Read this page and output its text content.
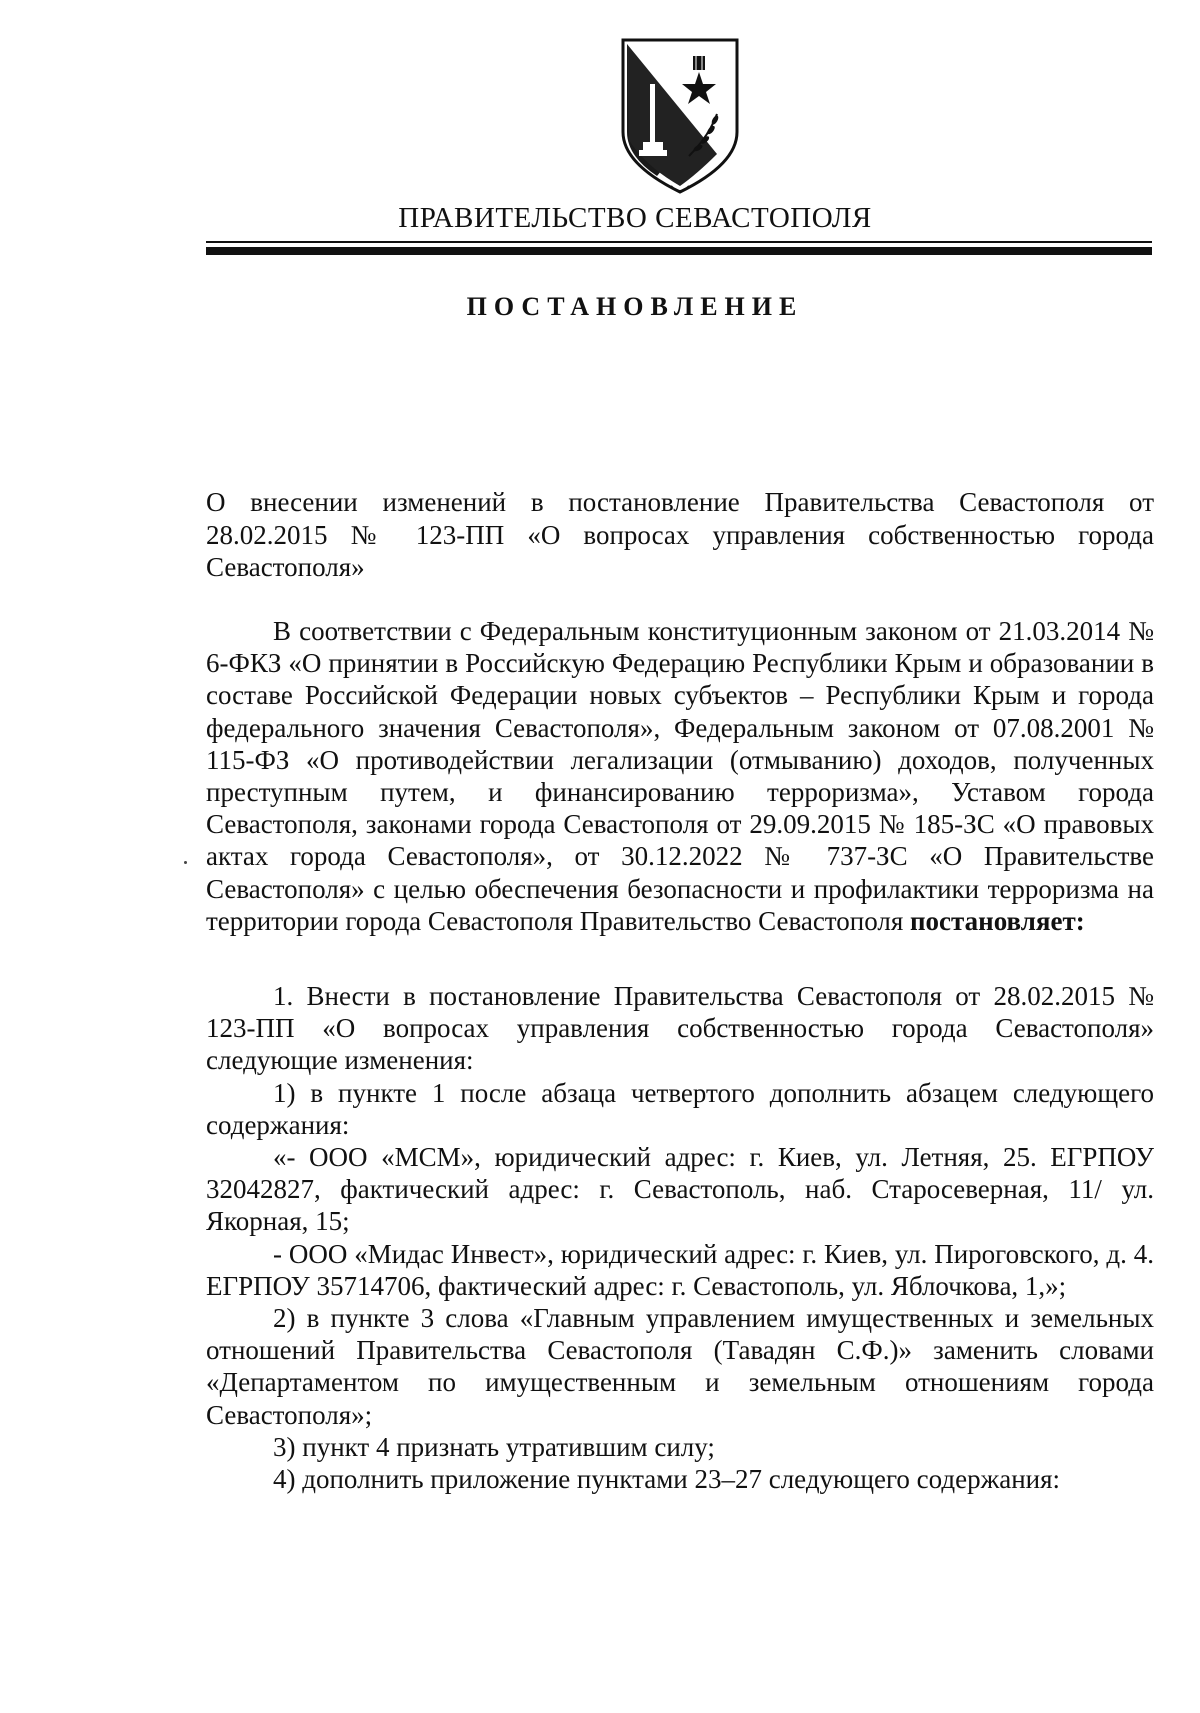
ПРАВИТЕЛЬСТВО СЕВАСТОПОЛЯ
ПОСТАНОВЛЕНИЕ
О внесении изменений в постановление Правительства Севастополя от 28.02.2015 № 123-ПП «О вопросах управления собственностью города Севастополя»

В соответствии с Федеральным конституционным законом от 21.03.2014 № 6-ФКЗ «О принятии в Российскую Федерацию Республики Крым и образовании в составе Российской Федерации новых субъектов – Республики Крым и города федерального значения Севастополя», Федеральным законом от 07.08.2001 № 115-ФЗ «О противодействии легализации (отмыванию) доходов, полученных преступным путем, и финансированию терроризма», Уставом города Севастополя, законами города Севастополя от 29.09.2015 № 185-ЗС «О правовых актах города Севастополя», от 30.12.2022 № 737-ЗС «О Правительстве Севастополя» с целью обеспечения безопасности и профилактики терроризма на территории города Севастополя Правительство Севастополя постановляет:

1. Внести в постановление Правительства Севастополя от 28.02.2015 № 123-ПП «О вопросах управления собственностью города Севастополя» следующие изменения:

1) в пункте 1 после абзаца четвертого дополнить абзацем следующего содержания:

«- ООО «МСМ», юридический адрес: г. Киев, ул. Летняя, 25. ЕГРПОУ 32042827, фактический адрес: г. Севастополь, наб. Старосеверная, 11/ ул. Якорная, 15;

- ООО «Мидас Инвест», юридический адрес: г. Киев, ул. Пироговского, д. 4. ЕГРПОУ 35714706, фактический адрес: г. Севастополь, ул. Яблочкова, 1,»;

2) в пункте 3 слова «Главным управлением имущественных и земельных отношений Правительства Севастополя (Тавадян С.Ф.)» заменить словами «Департаментом по имущественным и земельным отношениям города Севастополя»;

3) пункт 4 признать утратившим силу;

4) дополнить приложение пунктами 23–27 следующего содержания:
